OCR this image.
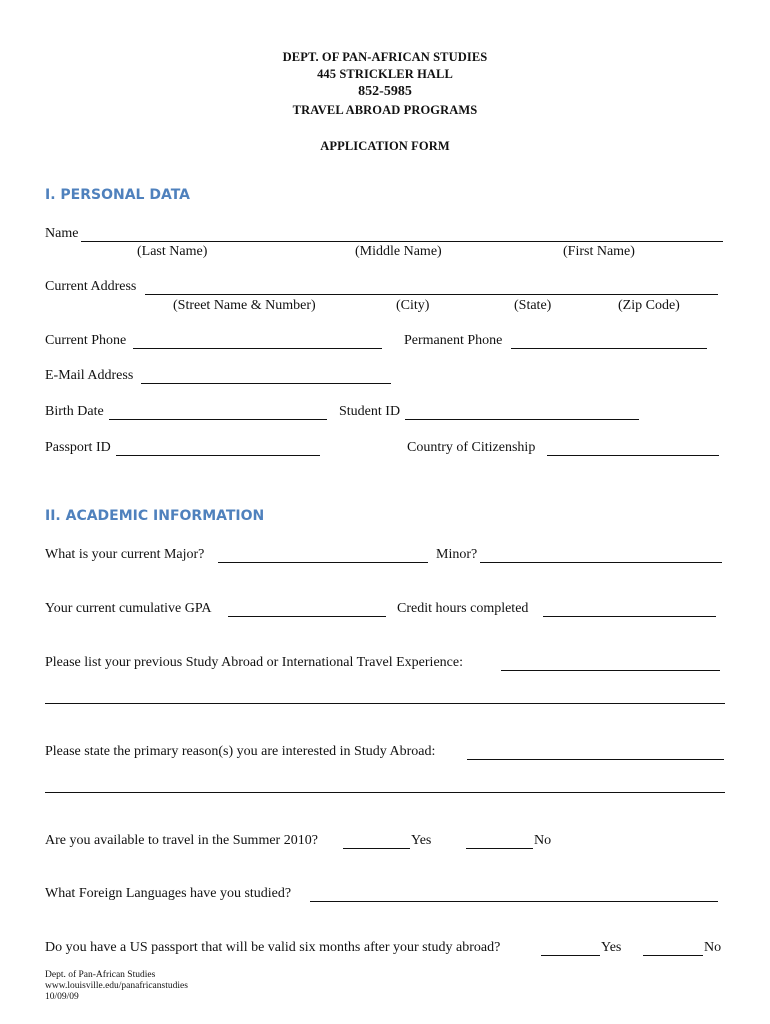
DEPT. OF PAN-AFRICAN STUDIES
445 STRICKLER HALL
852-5985
TRAVEL ABROAD PROGRAMS
APPLICATION FORM
I. PERSONAL DATA
Name
(Last Name)	(Middle Name)	(First Name)
Current Address
(Street Name & Number)	(City)	(State)	(Zip Code)
Current Phone	Permanent Phone
E-Mail Address
Birth Date	Student ID
Passport ID	Country of Citizenship
II. ACADEMIC INFORMATION
What is your current Major?	Minor?
Your current cumulative GPA	Credit hours completed
Please list your previous Study Abroad or International Travel Experience:
Please state the primary reason(s) you are interested in Study Abroad:
Are you available to travel in the Summer 2010?	Yes	No
What Foreign Languages have you studied?
Do you have a US passport that will be valid six months after your study abroad?	Yes	No
Dept. of Pan-African Studies
www.louisville.edu/panafricanstudies
10/09/09
